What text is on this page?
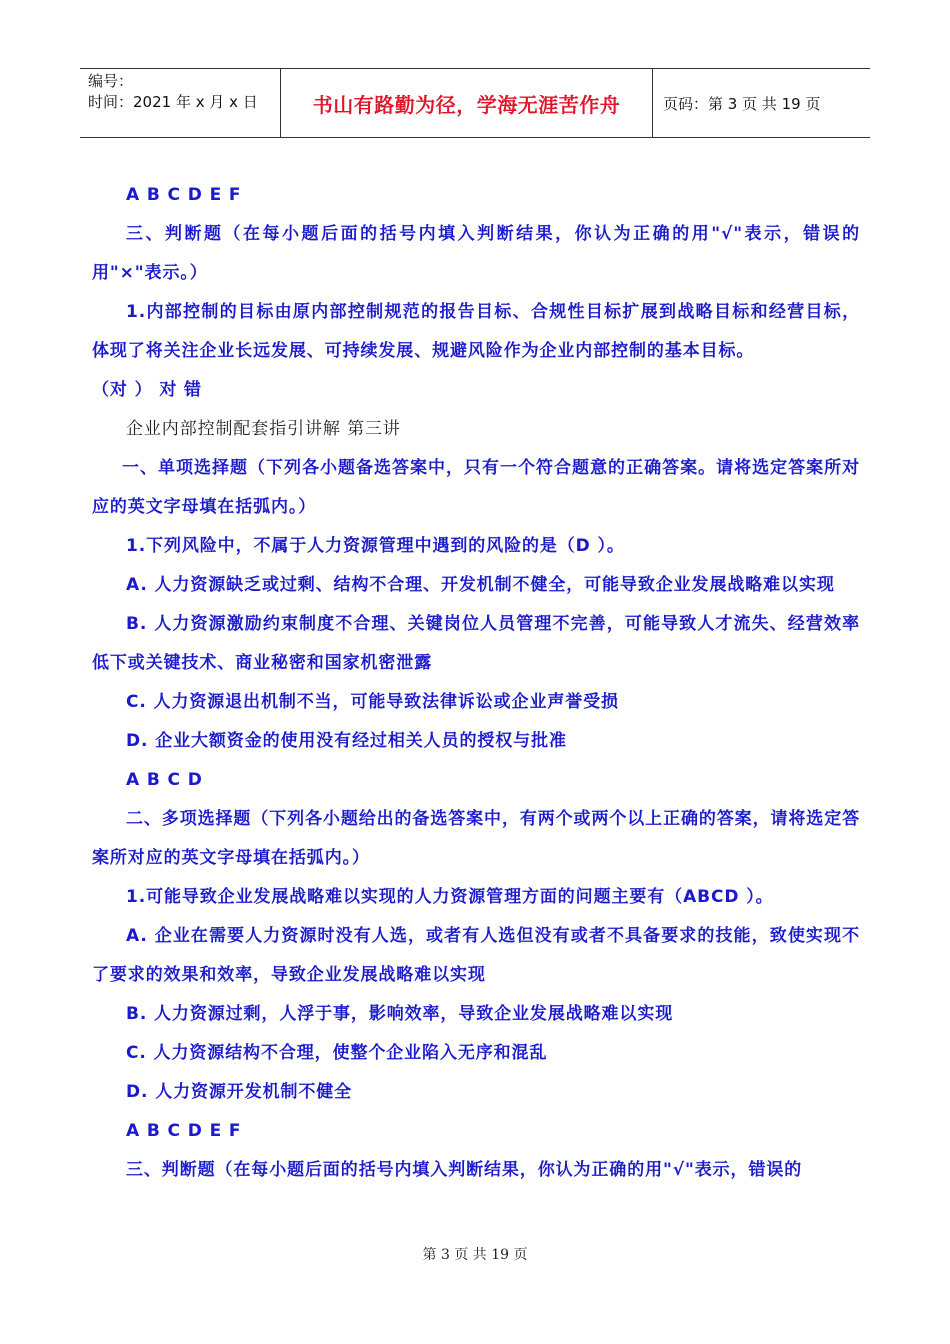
编号：
时间：2021 年 x 月 x 日	书山有路勤为径，学海无涯苦作舟	页码：第 3 页 共 19 页

A B C D E F

三、判断题（在每小题后面的括号内填入判断结果，你认为正确的用"√"表示，错误的用"×"表示。）

1.内部控制的目标由原内部控制规范的报告目标、合规性目标扩展到战略目标和经营目标，体现了将关注企业长远发展、可持续发展、规避风险作为企业内部控制的基本目标。

（对 ） 对 错

企业内部控制配套指引讲解 第三讲

一、单项选择题（下列各小题备选答案中，只有一个符合题意的正确答案。请将选定答案所对应的英文字母填在括弧内。）

1.下列风险中，不属于人力资源管理中遇到的风险的是（D ）。

A. 人力资源缺乏或过剩、结构不合理、开发机制不健全，可能导致企业发展战略难以实现

B. 人力资源激励约束制度不合理、关键岗位人员管理不完善，可能导致人才流失、经营效率低下或关键技术、商业秘密和国家机密泄露

C. 人力资源退出机制不当，可能导致法律诉讼或企业声誉受损

D. 企业大额资金的使用没有经过相关人员的授权与批准

A B C D

二、多项选择题（下列各小题给出的备选答案中，有两个或两个以上正确的答案，请将选定答案所对应的英文字母填在括弧内。）

1.可能导致企业发展战略难以实现的人力资源管理方面的问题主要有（ABCD ）。

A. 企业在需要人力资源时没有人选，或者有人选但没有或者不具备要求的技能，致使实现不了要求的效果和效率，导致企业发展战略难以实现

B. 人力资源过剩，人浮于事，影响效率，导致企业发展战略难以实现

C. 人力资源结构不合理，使整个企业陷入无序和混乱

D. 人力资源开发机制不健全

A B C D E F

三、判断题（在每小题后面的括号内填入判断结果，你认为正确的用"√"表示，错误的

第 3 页 共 19 页
